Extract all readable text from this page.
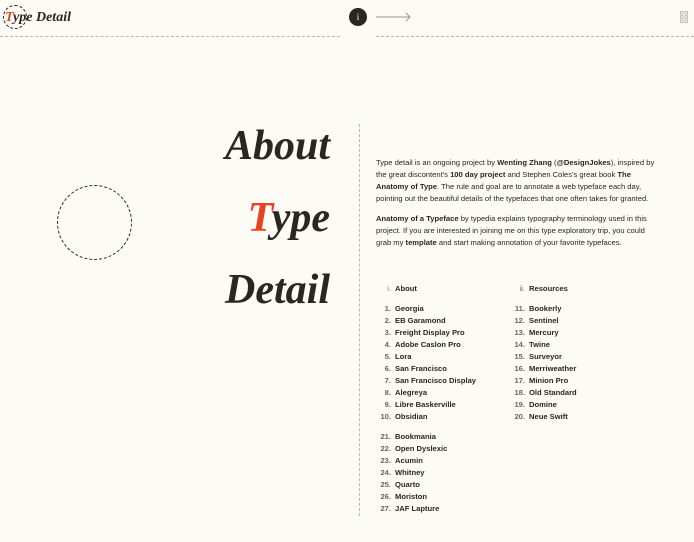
Type Detail	i
About
Type
Detail

Type detail is an ongoing project by Wenting Zhang (@DesignJokes), inspired by the great discontent's 100 day project and Stephen Coles's great book The Anatomy of Type. The rule and goal are to annotate a web typeface each day, pointing out the beautiful details of the typefaces that one often takes for granted.

Anatomy of a Typeface by typedia explains typography terminology used in this project. If you are interested in joining me on this type exploratory trip, you could grab my template and start making annotation of your favorite typefaces.

i. About
1. Georgia
2. EB Garamond
3. Freight Display Pro
4. Adobe Caslon Pro
5. Lora
6. San Francisco
7. San Francisco Display
8. Alegreya
9. Libre Baskerville
10. Obsidian
ii. Resources
11. Bookerly
12. Sentinel
13. Mercury
14. Twine
15. Surveyor
16. Merriweather
17. Minion Pro
18. Old Standard
19. Domine
20. Neue Swift
21. Bookmania
22. Open Dyslexic
23. Acumin
24. Whitney
25. Quarto
26. Moriston
27. JAF Lapture
